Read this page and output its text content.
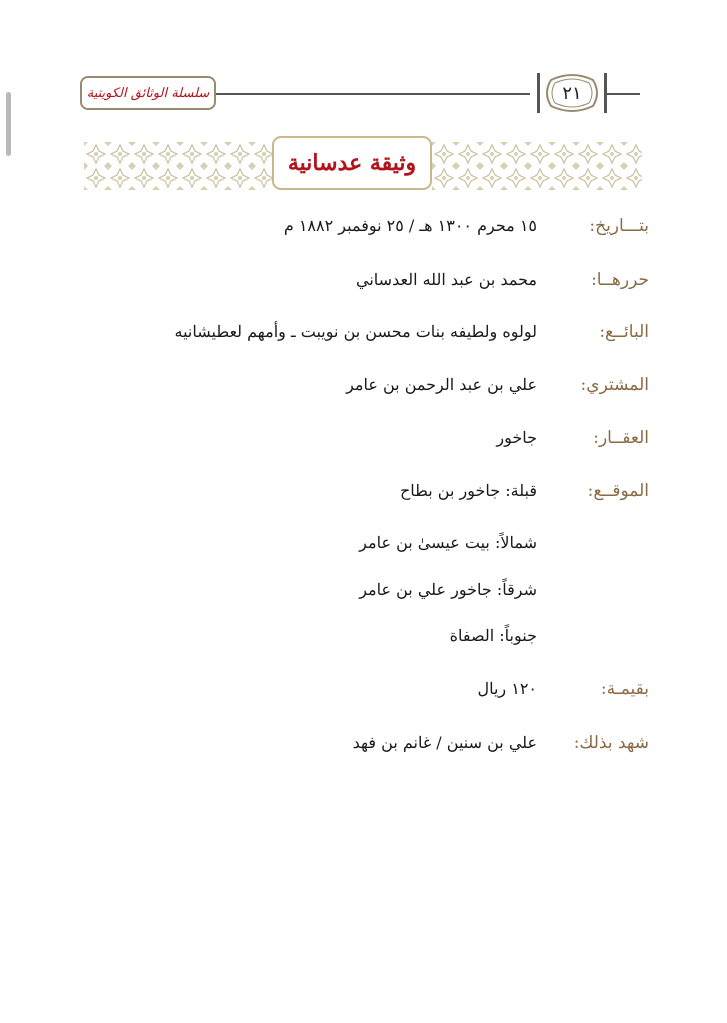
سلسلة الوثائق الكويتية	٢١
وثيقة عدسانية
بتـــاريخ:
١٥ محرم ١٣٠٠ هـ / ٢٥ نوفمبر ١٨٨٢ م
حررهــا:
محمد بن عبد الله العدساني
البائــع:
لولوه ولطيفه بنات محسن بن نويبت ـ وأمهم لعطيشانيه
المشتري:
علي بن عبد الرحمن بن عامر
العقــار:
جاخور
الموقــع:
قبلة: جاخور بن بطاح
شمالاً: بيت عيسىٰ بن عامر
شرقاً: جاخور علي بن عامر
جنوباً: الصفاة
بقيمـة:
١٢٠ ريال
شهد بذلك:
علي بن سنين / غانم بن فهد
